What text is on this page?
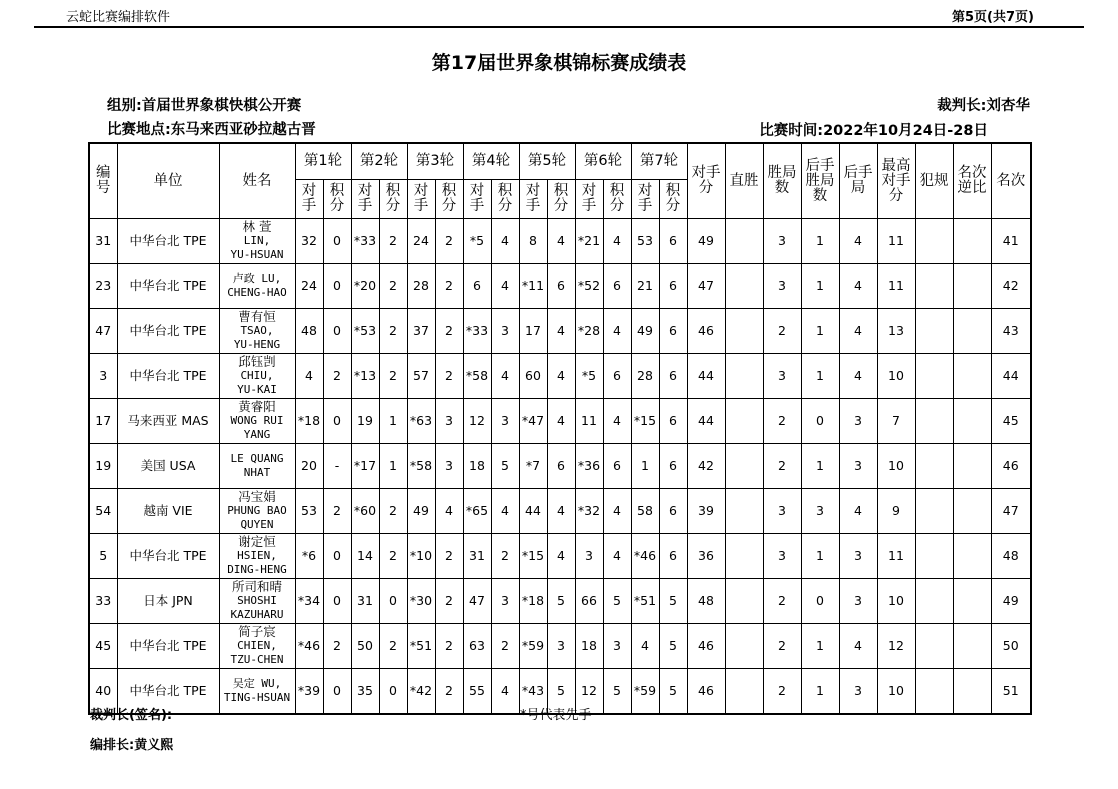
云蛇比赛编排软件	第5页(共7页)
第17届世界象棋锦标赛成绩表
组别:首届世界象棋快棋公开赛	裁判长:刘杏华
比赛地点:东马来西亚砂拉越古晋	比赛时间:2022年10月24日-28日
编号	单位	姓名	第1轮		第2轮		第3轮		第4轮		第5轮		第6轮		第7轮		对手分	直胜	胜局数	后手胜局数	后手局	最高对手分	犯规	名次逆比	名次

			对手	积分	对手	积分	对手	积分	对手	积分	对手	积分	对手	积分	对手	积分									

31	中华台北 TPE	林 萱
LIN,
YU-HSUAN	32	0	*33	2	24	2	*5	4	8	4	*21	4	53	6	49		3	1	4	11			41
23	中华台北 TPE	卢政 LU,
CHENG-HAO	24	0	*20	2	28	2	6	4	*11	6	*52	6	21	6	47		3	1	4	11			42
47	中华台北 TPE	曹有恒
TSAO,
YU-HENG	48	0	*53	2	37	2	*33	3	17	4	*28	4	49	6	46		2	1	4	13			43
3	中华台北 TPE	邱钰剀
CHIU,
YU-KAI	4	2	*13	2	57	2	*58	4	60	4	*5	6	28	6	44		3	1	4	10			44
17	马来西亚 MAS	黄睿阳
WONG RUI
YANG	*18	0	19	1	*63	3	12	3	*47	4	11	4	*15	6	44		2	0	3	7			45
19	美国 USA	LE QUANG
NHAT	20	-	*17	1	*58	3	18	5	*7	6	*36	6	1	6	42		2	1	3	10			46
54	越南 VIE	冯宝娟
PHUNG BAO
QUYEN	53	2	*60	2	49	4	*65	4	44	4	*32	4	58	6	39		3	3	4	9			47
5	中华台北 TPE	谢定恒
HSIEN,
DING-HENG	*6	0	14	2	*10	2	31	2	*15	4	3	4	*46	6	36		3	1	3	11			48
33	日本 JPN	所司和晴
SHOSHI
KAZUHARU	*34	0	31	0	*30	2	47	3	*18	5	66	5	*51	5	48		2	0	3	10			49
45	中华台北 TPE	简子宸
CHIEN,
TZU-CHEN	*46	2	50	2	*51	2	63	2	*59	3	18	3	4	5	46		2	1	4	12			50
40	中华台北 TPE	吴定 WU,
TING-HSUAN	*39	0	35	0	*42	2	55	4	*43	5	12	5	*59	5	46		2	1	3	10			51
裁判长(签名):	*号代表先手
编排长:黄义熙
